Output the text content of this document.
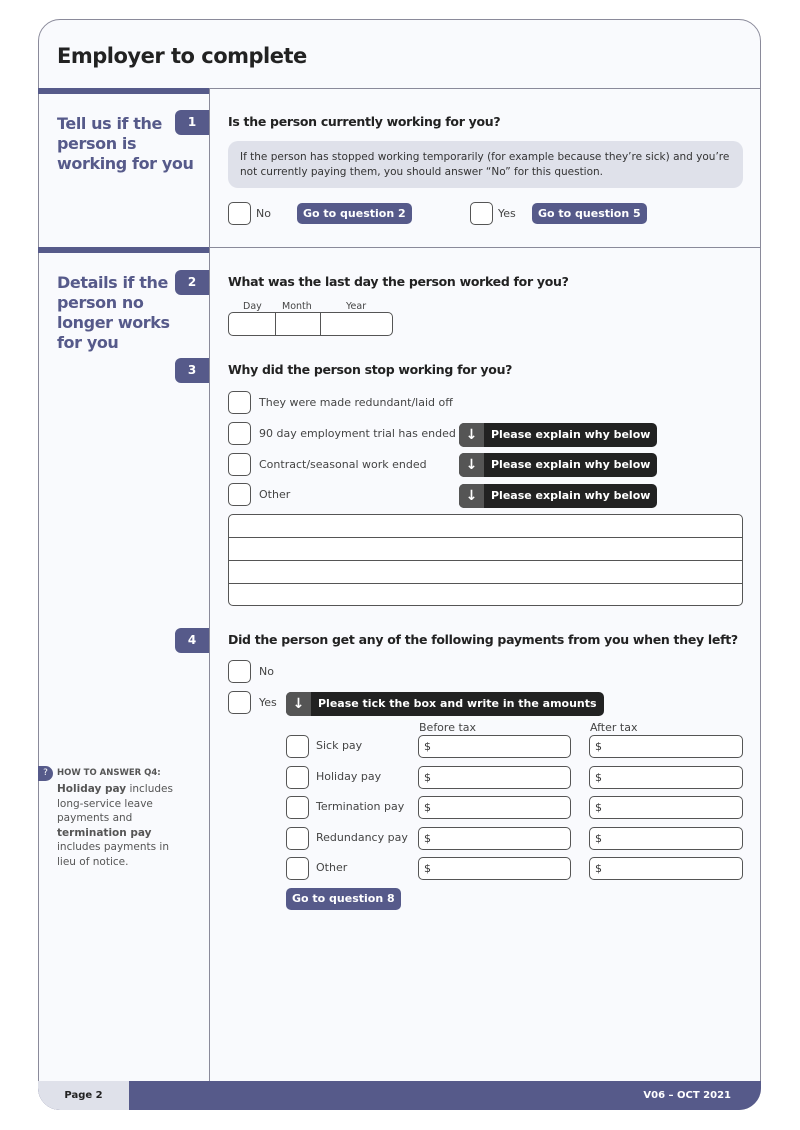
Employer to complete
Tell us if the person is working for you
1	Is the person currently working for you?
If the person has stopped working temporarily (for example because they’re sick) and you’re not currently paying them, you should answer “No” for this question.
No	Go to question 2	Yes	Go to question 5
Details if the person no longer works for you
2	What was the last day the person worked for you?
Day Month	Year
3	Why did the person stop working for you?
They were made redundant/laid off
90 day employment trial has ended ↓	Please explain why below
Contract/seasonal work ended	↓	Please explain why below
Other	↓	Please explain why below
4	Did the person get any of the following payments from you when they left?
No
Yes	↓	Please tick the box and write in the amounts
Before tax	After tax
Sick pay	$	$
Holiday pay	$	$
Termination pay	$	$
Redundancy pay	$	$
Other	$	$
Go to question 8
?	HOW TO ANSWER Q4:
Holiday pay includes long-service leave payments and termination pay includes payments in lieu of notice.
Page 2	V06 – OCT 2021
